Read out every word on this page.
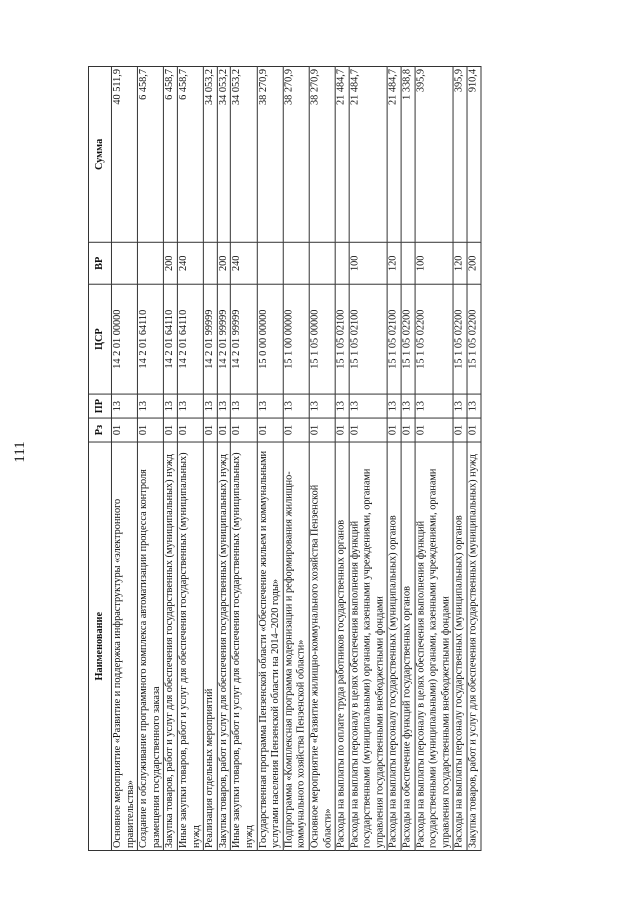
111
Наименование	Рз	ПР	ЦСР	ВР	Сумма
Основное мероприятие «Развитие и поддержка инфраструктуры «электронного правительства»	01	13	14 2 01 00000		40 511,9
Создание и обслуживание программного комплекса автоматизации процесса контроля размещения государственного заказа	01	13	14 2 01 64110		6 458,7
Закупка товаров, работ и услуг для обеспечения государственных (муниципальных) нужд	01	13	14 2 01 64110	200	6 458,7
Иные закупки товаров, работ и услуг для обеспечения государственных (муниципальных) нужд	01	13	14 2 01 64110	240	6 458,7
Реализация отдельных мероприятий	01	13	14 2 01 99999		34 053,2
Закупка товаров, работ и услуг для обеспечения государственных (муниципальных) нужд	01	13	14 2 01 99999	200	34 053,2
Иные закупки товаров, работ и услуг для обеспечения государственных (муниципальных) нужд	01	13	14 2 01 99999	240	34 053,2
Государственная программа Пензенской области «Обеспечение жильем и коммунальными услугами населения Пензенской области на 2014–2020 годы»	01	13	15 0 00 00000		38 270,9
Подпрограмма «Комплексная программа модернизации и реформирования жилищно-коммунального хозяйства Пензенской области»	01	13	15 1 00 00000		38 270,9
Основное мероприятие «Развитие жилищно-коммунального хозяйства Пензенской области»	01	13	15 1 05 00000		38 270,9
Расходы на выплаты по оплате труда работников государственных органов	01	13	15 1 05 02100		21 484,7
Расходы на выплаты персоналу в целях обеспечения выполнения функций государственными (муниципальными) органами, казенными учреждениями, органами управления государственными внебюджетными фондами	01	13	15 1 05 02100	100	21 484,7
Расходы на выплаты персоналу государственных (муниципальных) органов	01	13	15 1 05 02100	120	21 484,7
Расходы на обеспечение функций государственных органов	01	13	15 1 05 02200		1 338,8
Расходы на выплаты персоналу в целях обеспечения выполнения функций государственными (муниципальными) органами, казенными учреждениями, органами управления государственными внебюджетными фондами	01	13	15 1 05 02200	100	395,9
Расходы на выплаты персоналу государственных (муниципальных) органов	01	13	15 1 05 02200	120	395,9
Закупка товаров, работ и услуг для обеспечения государственных (муниципальных) нужд	01	13	15 1 05 02200	200	910,4
